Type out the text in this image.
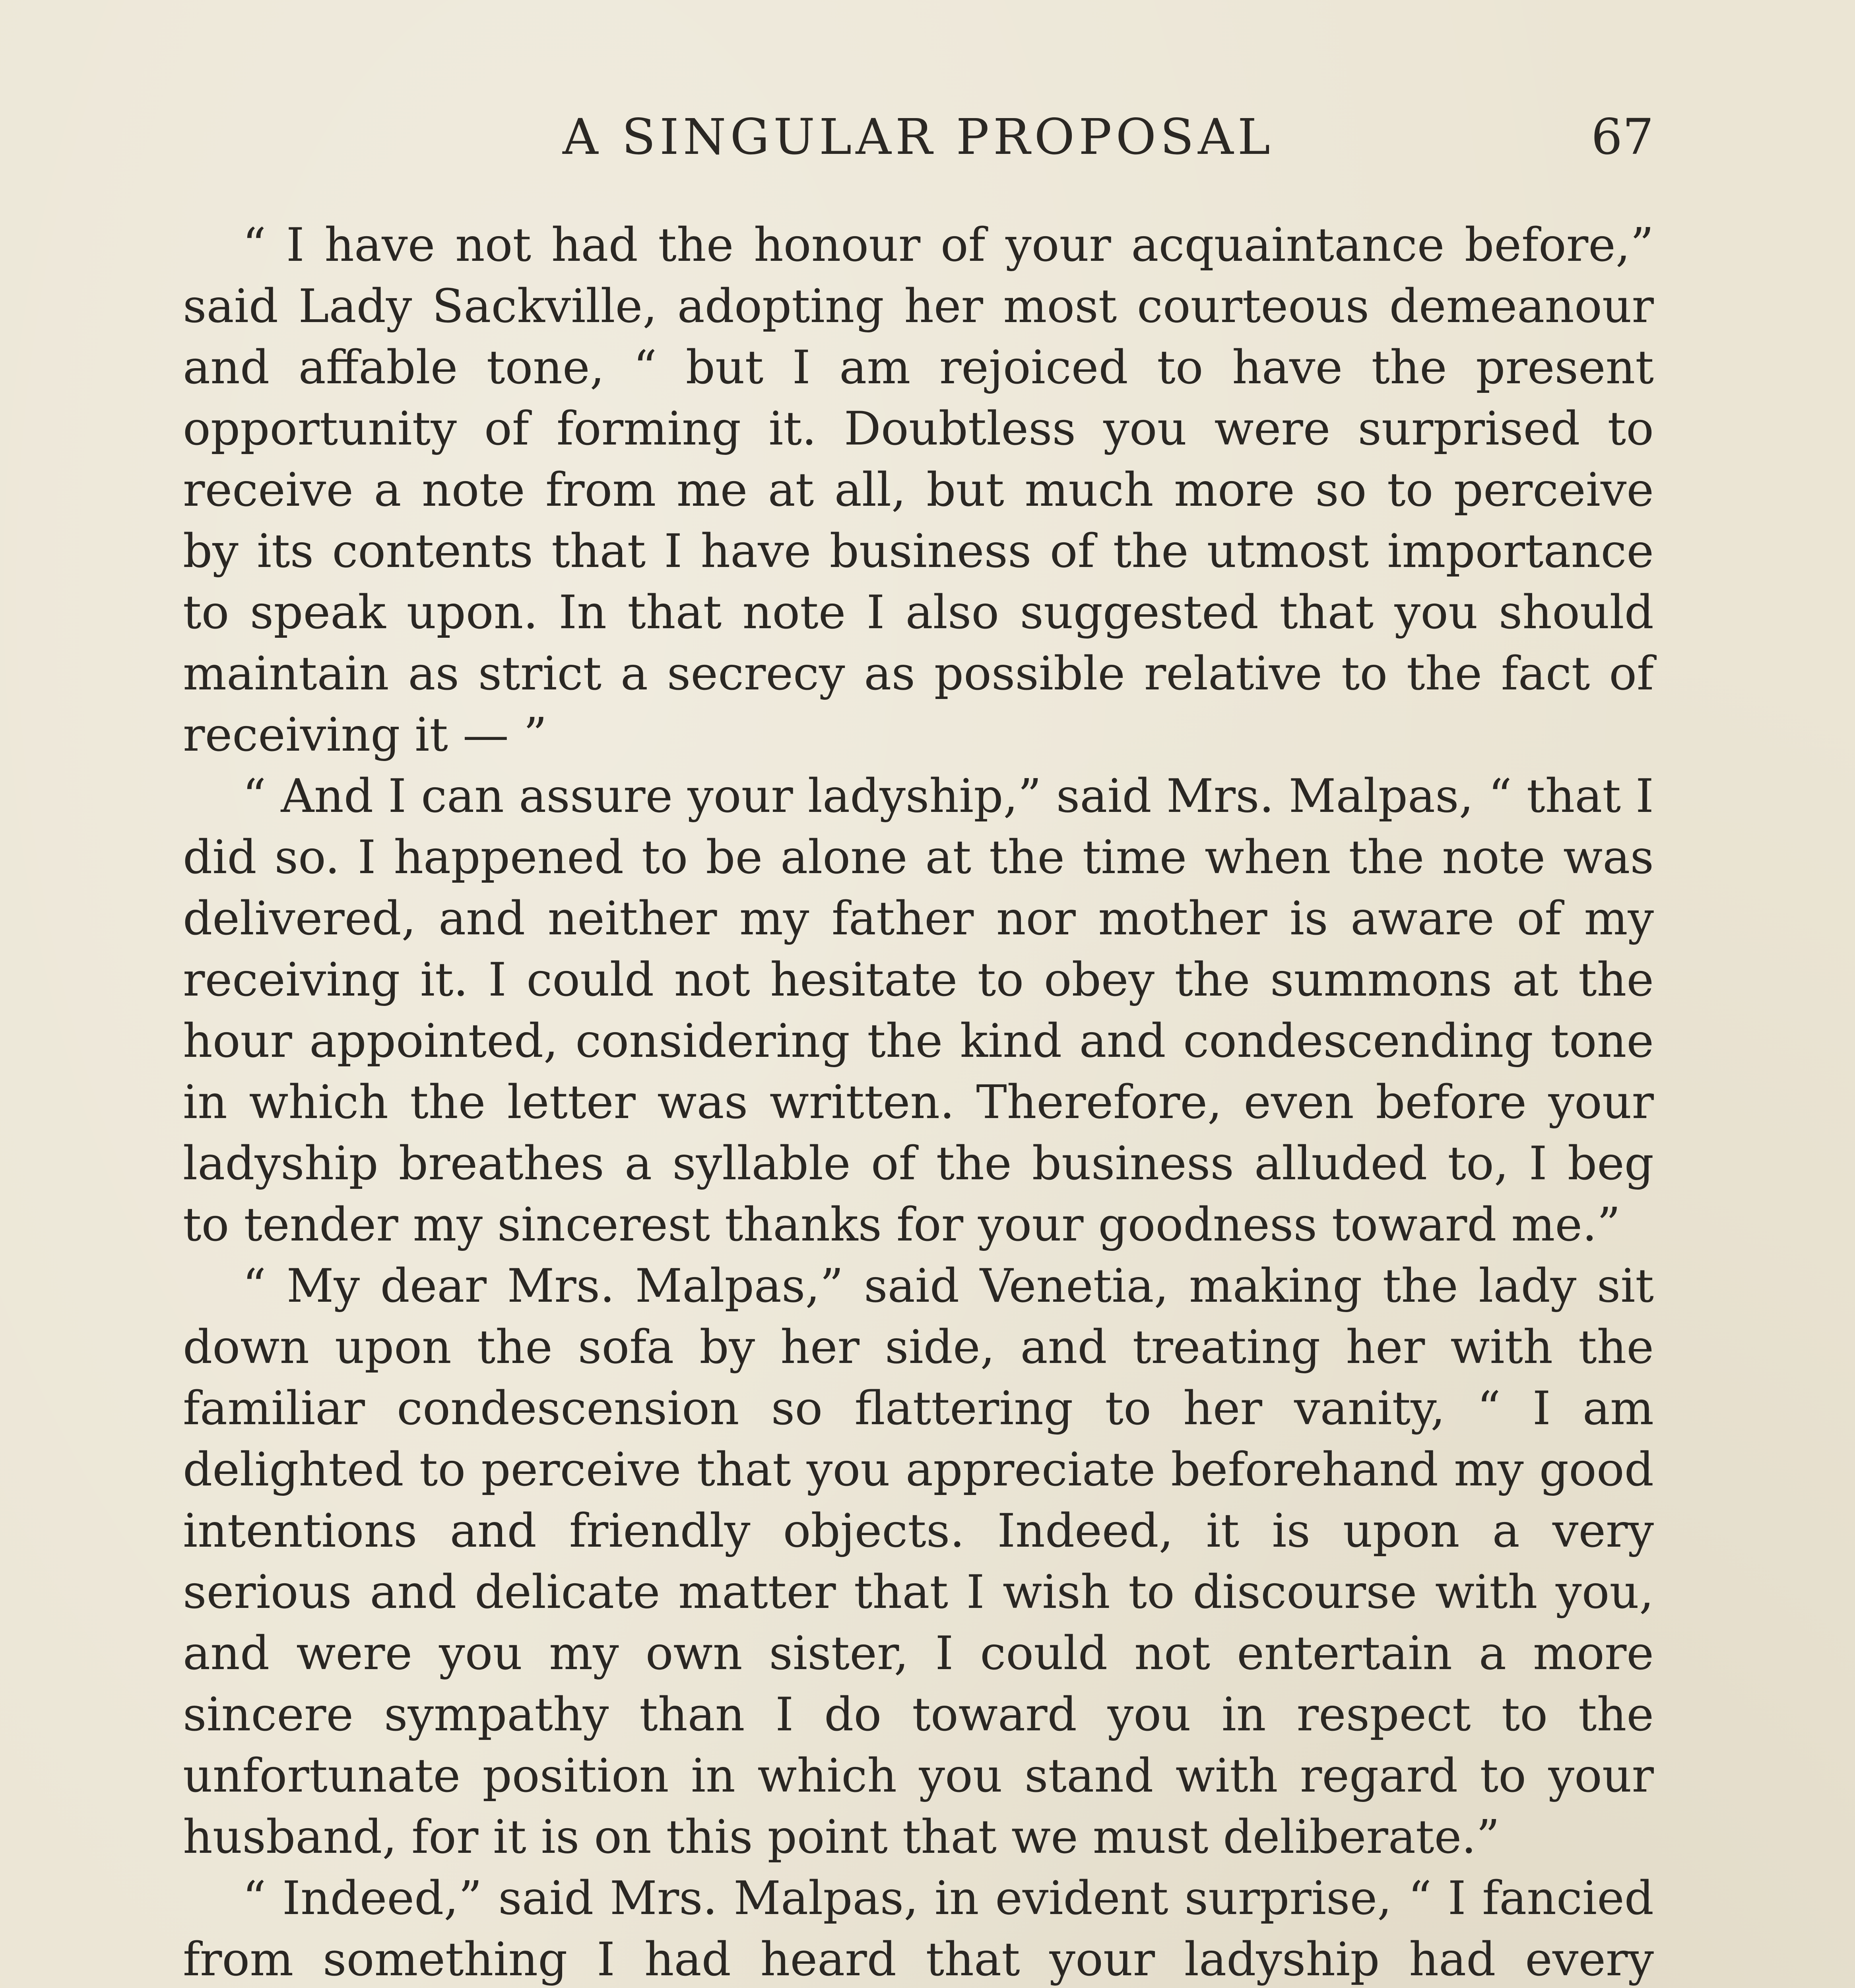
A SINGULAR PROPOSAL	67

“ I have not had the honour of your acquaintance before,” said Lady Sackville, adopting her most courteous demeanour and affable tone, “ but I am rejoiced to have the present opportunity of forming it. Doubtless you were surprised to receive a note from me at all, but much more so to perceive by its contents that I have business of the utmost importance to speak upon. In that note I also suggested that you should maintain as strict a secrecy as possible relative to the fact of receiving it — ”

“ And I can assure your ladyship,” said Mrs. Malpas, “ that I did so. I happened to be alone at the time when the note was delivered, and neither my father nor mother is aware of my receiving it. I could not hesitate to obey the summons at the hour appointed, considering the kind and condescending tone in which the letter was written. Therefore, even before your ladyship breathes a syllable of the business alluded to, I beg to tender my sincerest thanks for your goodness toward me.”

“ My dear Mrs. Malpas,” said Venetia, making the lady sit down upon the sofa by her side, and treating her with the familiar condescension so flattering to her vanity, “ I am delighted to perceive that you appreciate beforehand my good intentions and friendly objects. Indeed, it is upon a very serious and delicate matter that I wish to discourse with you, and were you my own sister, I could not entertain a more sincere sympathy than I do toward you in respect to the unfortunate position in which you stand with regard to your husband, for it is on this point that we must deliberate.”

“ Indeed,” said Mrs. Malpas, in evident surprise, “ I fancied from something I had heard that your ladyship had every
